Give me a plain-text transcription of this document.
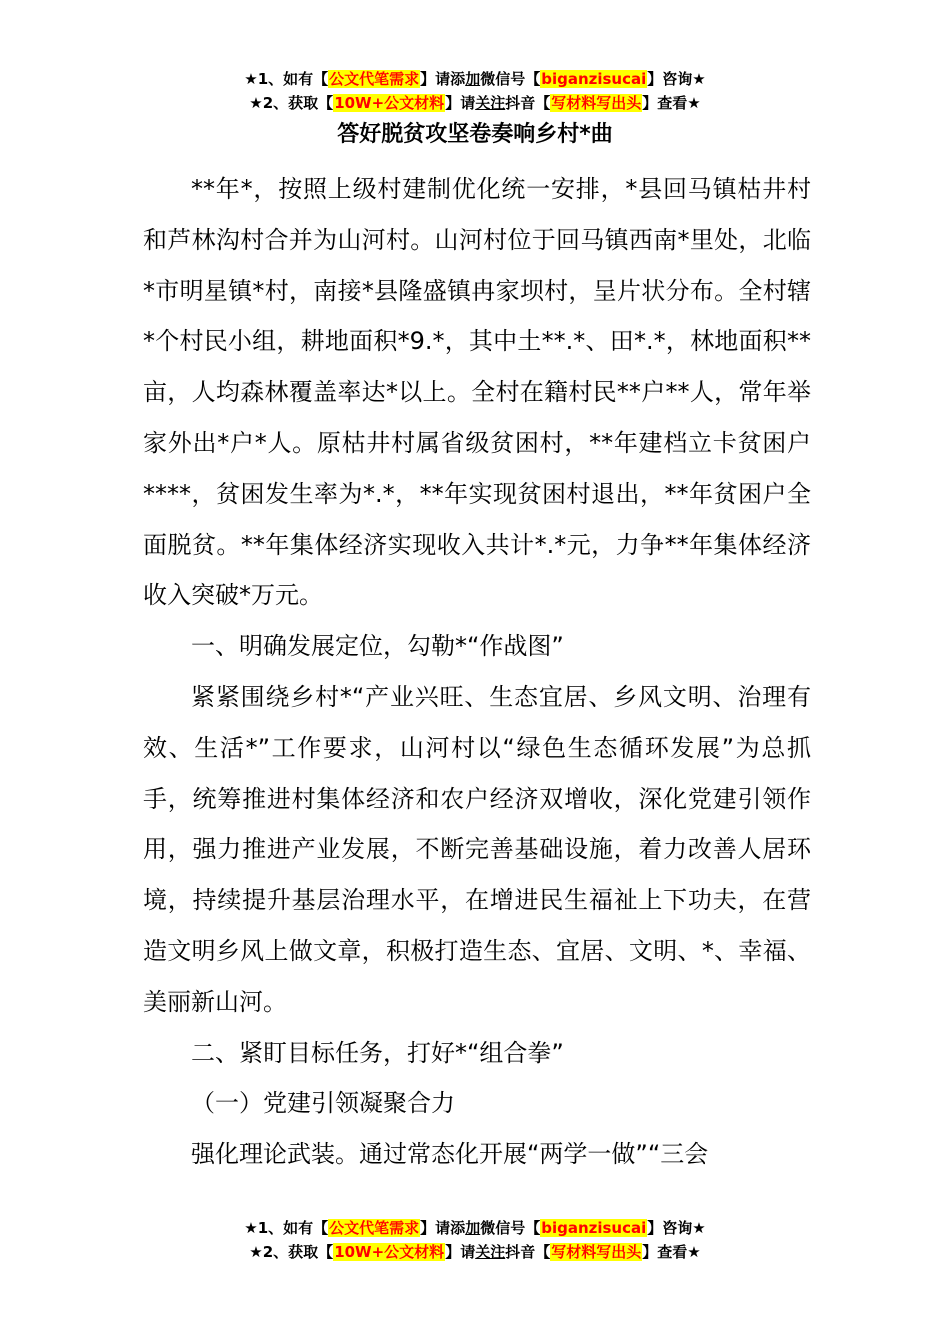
★1、如有【公文代笔需求】请添加微信号【biganzisucai】咨询★
★2、获取【10W+公文材料】请关注抖音【写材料写出头】查看★
答好脱贫攻坚卷奏响乡村*曲

**年*，按照上级村建制优化统一安排，*县回马镇枯井村和芦林沟村合并为山河村。山河村位于回马镇西南*里处，北临*市明星镇*村，南接*县隆盛镇冉家坝村，呈片状分布。全村辖*个村民小组，耕地面积*9.*，其中土**.*、田*.*，林地面积**亩，人均森林覆盖率达*以上。全村在籍村民**户**人，常年举家外出*户*人。原枯井村属省级贫困村，**年建档立卡贫困户****，贫困发生率为*.*，**年实现贫困村退出，**年贫困户全面脱贫。**年集体经济实现收入共计*.*元，力争**年集体经济收入突破*万元。

一、明确发展定位，勾勒*“作战图”

紧紧围绕乡村*“产业兴旺、生态宜居、乡风文明、治理有效、生活*”工作要求，山河村以“绿色生态循环发展”为总抓手，统筹推进村集体经济和农户经济双增收，深化党建引领作用，强力推进产业发展，不断完善基础设施，着力改善人居环境，持续提升基层治理水平，在增进民生福祉上下功夫，在营造文明乡风上做文章，积极打造生态、宜居、文明、*、幸福、美丽新山河。

二、紧盯目标任务，打好*“组合拳”

（一）党建引领凝聚合力

强化理论武装。通过常态化开展“两学一做”“三会

★1、如有【公文代笔需求】请添加微信号【biganzisucai】咨询★
★2、获取【10W+公文材料】请关注抖音【写材料写出头】查看★
